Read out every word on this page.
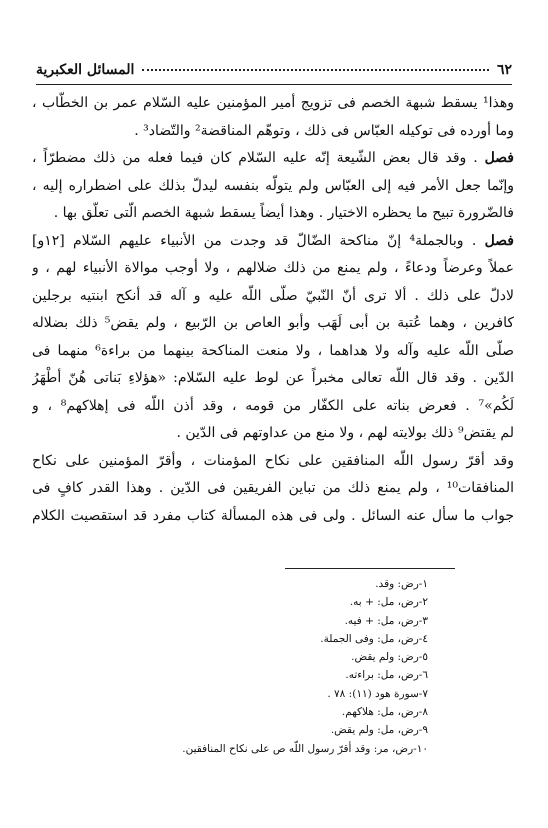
٦٢
المسائل العكبرية
وهذا¹ يسقط شبهة الخصم فى تزويج أمير المؤمنين عليه السّلام عمر بن الخطّاب ،
وما أورده فى توكيله العبّاس فى ذلك ، وتوهّم المناقضة² والتّضاد³ .
فصل . وقد قال بعض الشّيعة إنّه عليه السّلام كان فيما فعله من ذلك مضطرّاً ،
وإنّما جعل الأمر فيه إلى العبّاس ولم يتولّه بنفسه ليدلّ بذلك على اضطراره إليه ،
فالضّرورة تبيح ما يحظره الاختيار . وهذا أيضاً يسقط شبهة الخصم الّتى تعلّق بها .
فصل . وبالجملة⁴ إنّ مناكحة الضّالّ قد وجدت من الأنبياء عليهم السّلام [١٢و]
عملاً وعرضاً ودعاءً ، ولم يمنع من ذلك ضلالهم ، ولا أوجب موالاة الأنبياء لهم ، و
لادلّ على ذلك . ألا ترى أنّ النّبيّ صلّى اللّه عليه و آله قد أنكح ابنتيه برجلين
كافرين ، وهما عُتبة بن أبى لَهَب وأبو العاص بن الرّبيع ، ولم يقض⁵ ذلك بضلاله
صلّى اللّه عليه وآله ولا هداهما ، ولا منعت المناكحة بينهما من براءة⁶ منهما فى
الدّين . وقد قال اللّه تعالى مخبراً عن لوط عليه السّلام: «هؤلاءِ بَناتى هُنّ أطْهَرُ
لَكُم»⁷ . فعرض بناته على الكفّار من قومه ، وقد أذن اللّه فى إهلاكهم⁸ ، و
لم يقتض⁹ ذلك بولايته لهم ، ولا منع من عداوتهم فى الدّين .
وقد أقرّ رسول اللّه المنافقين على نكاح المؤمنات ، وأقرّ المؤمنين على نكاح
المنافقات¹⁰ ، ولم يمنع ذلك من تباين الفريقين فى الدّين . وهذا القدر كافٍ فى
جواب ما سأل عنه السائل . ولى فى هذه المسألة كتاب مفرد قد استقصيت الكلام
١-رض: وقد.
٢-رض، مل: + به.
٣-رض، مل: + فيه.
٤-رض، مل: وفى الجملة.
٥-رض: ولم يقض.
٦-رض، مل: براءته.
٧-سورة هود (١١): ٧٨ .
٨-رض، مل: هلاكهم.
٩-رض، مل: ولم يقض.
١٠-رض، مر: وقد أقرّ رسول اللّه ص على نكاح المنافقين.
